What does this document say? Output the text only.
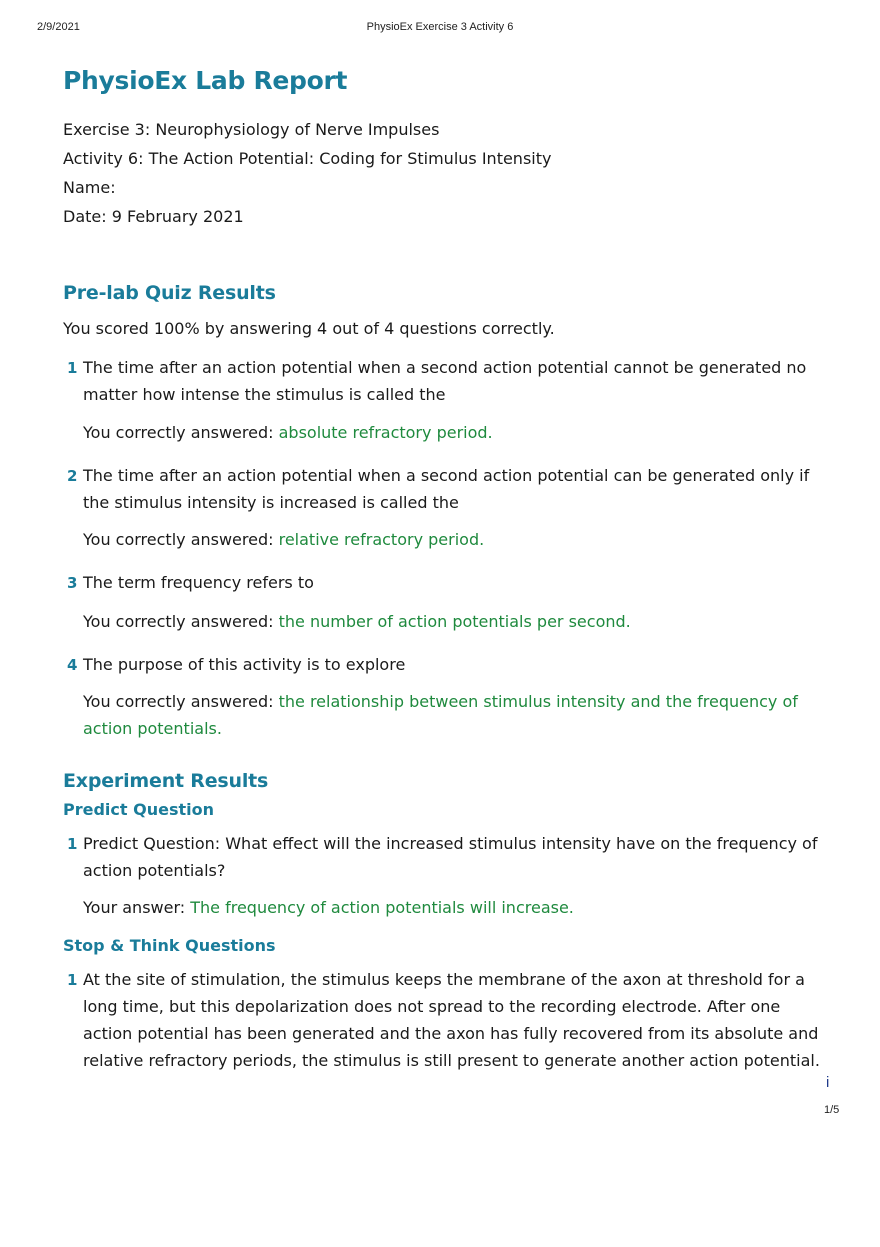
2/9/2021	PhysioEx Exercise 3 Activity 6
PhysioEx Lab Report
Exercise 3: Neurophysiology of Nerve Impulses
Activity 6: The Action Potential: Coding for Stimulus Intensity
Name:
Date: 9 February 2021
Pre-lab Quiz Results
You scored 100% by answering 4 out of 4 questions correctly.
1 The time after an action potential when a second action potential cannot be generated no matter how intense the stimulus is called the
You correctly answered: absolute refractory period.
2 The time after an action potential when a second action potential can be generated only if the stimulus intensity is increased is called the
You correctly answered: relative refractory period.
3 The term frequency refers to
You correctly answered: the number of action potentials per second.
4 The purpose of this activity is to explore
You correctly answered: the relationship between stimulus intensity and the frequency of action potentials.
Experiment Results
Predict Question
1 Predict Question: What effect will the increased stimulus intensity have on the frequency of action potentials?
Your answer: The frequency of action potentials will increase.
Stop & Think Questions
1 At the site of stimulation, the stimulus keeps the membrane of the axon at threshold for a long time, but this depolarization does not spread to the recording electrode. After one action potential has been generated and the axon has fully recovered from its absolute and relative refractory periods, the stimulus is still present to generate another action potential.
i
1/5
